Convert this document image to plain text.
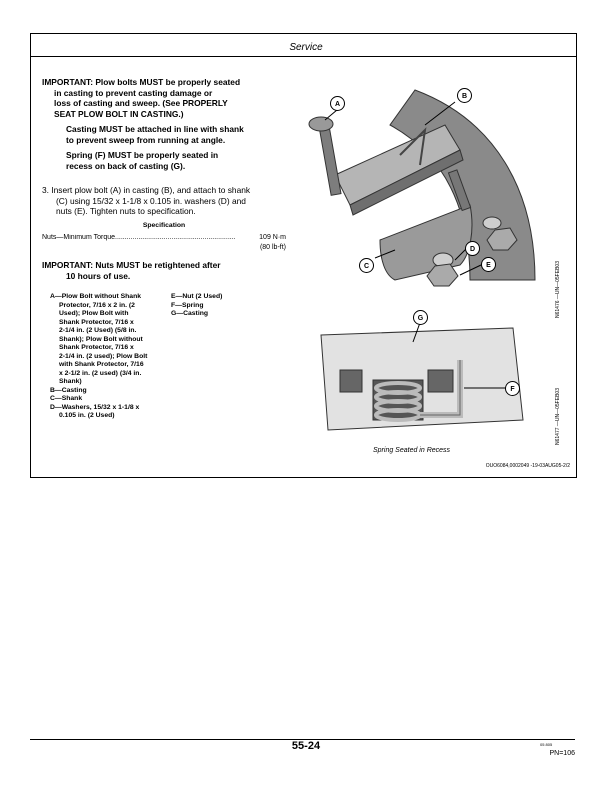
Service
IMPORTANT: Plow bolts MUST be properly seated
in casting to prevent casting damage or
loss of casting and sweep. (See PROPERLY
SEAT PLOW BOLT IN CASTING.)
Casting MUST be attached in line with shank
to prevent sweep from running at angle.
Spring (F) MUST be properly seated in
recess on back of casting (G).
3. Insert plow bolt (A) in casting (B), and attach to shank
(C) using 15/32 x 1-1/8 x 0.105 in. washers (D) and
nuts (E). Tighten nuts to specification.
Specification
Nuts—Minimum Torque ..............................................................	109 N·m
(80 lb-ft)
IMPORTANT: Nuts MUST be retightened after
10 hours of use.
A—Plow Bolt without Shank
Protector, 7/16 x 2 in. (2
Used); Plow Bolt with
Shank Protector, 7/16 x
2-1/4 in. (2 Used) (5/8 in.
Shank); Plow Bolt without
Shank Protector, 7/16 x
2-1/4 in. (2 used); Plow Bolt
with Shank Protector, 7/16
x 2-1/2 in. (2 used) (3/4 in.
Shank)
B—Casting
C—Shank
D—Washers, 15/32 x 1-1/8 x
0.105 in. (2 Used)
E—Nut (2 Used)
F—Spring
G—Casting
A
B
C
D
E	N61476 —UN—05FEB03
G
F	N61477 —UN—05FEB03
Spring Seated in Recess
OUO6084,0002049 -19-03AUG05-2/2
55-24	05 805
PN=106
